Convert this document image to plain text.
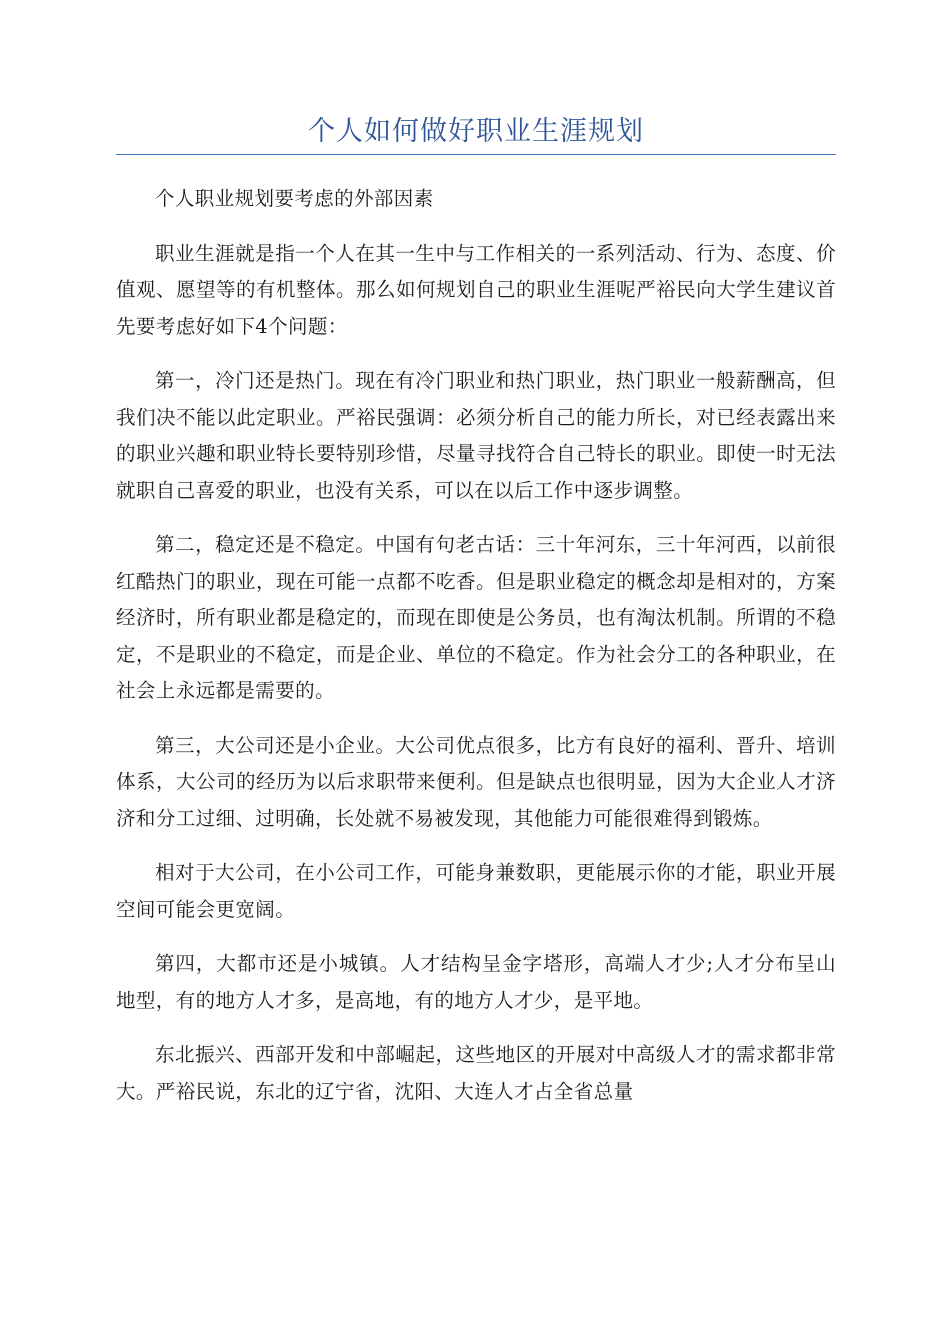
个人如何做好职业生涯规划

个人职业规划要考虑的外部因素

职业生涯就是指一个人在其一生中与工作相关的一系列活动、行为、态度、价值观、愿望等的有机整体。那么如何规划自己的职业生涯呢严裕民向大学生建议首先要考虑好如下4个问题：

第一，冷门还是热门。现在有冷门职业和热门职业，热门职业一般薪酬高，但我们决不能以此定职业。严裕民强调：必须分析自己的能力所长，对已经表露出来的职业兴趣和职业特长要特别珍惜，尽量寻找符合自己特长的职业。即使一时无法就职自己喜爱的职业，也没有关系，可以在以后工作中逐步调整。

第二，稳定还是不稳定。中国有句老古话：三十年河东，三十年河西，以前很红酷热门的职业，现在可能一点都不吃香。但是职业稳定的概念却是相对的，方案经济时，所有职业都是稳定的，而现在即使是公务员，也有淘汰机制。所谓的不稳定，不是职业的不稳定，而是企业、单位的不稳定。作为社会分工的各种职业，在社会上永远都是需要的。

第三，大公司还是小企业。大公司优点很多，比方有良好的福利、晋升、培训体系，大公司的经历为以后求职带来便利。但是缺点也很明显，因为大企业人才济济和分工过细、过明确，长处就不易被发现，其他能力可能很难得到锻炼。

相对于大公司，在小公司工作，可能身兼数职，更能展示你的才能，职业开展空间可能会更宽阔。

第四，大都市还是小城镇。人才结构呈金字塔形，高端人才少;人才分布呈山地型，有的地方人才多，是高地，有的地方人才少，是平地。

东北振兴、西部开发和中部崛起，这些地区的开展对中高级人才的需求都非常大。严裕民说，东北的辽宁省，沈阳、大连人才占全省总量
